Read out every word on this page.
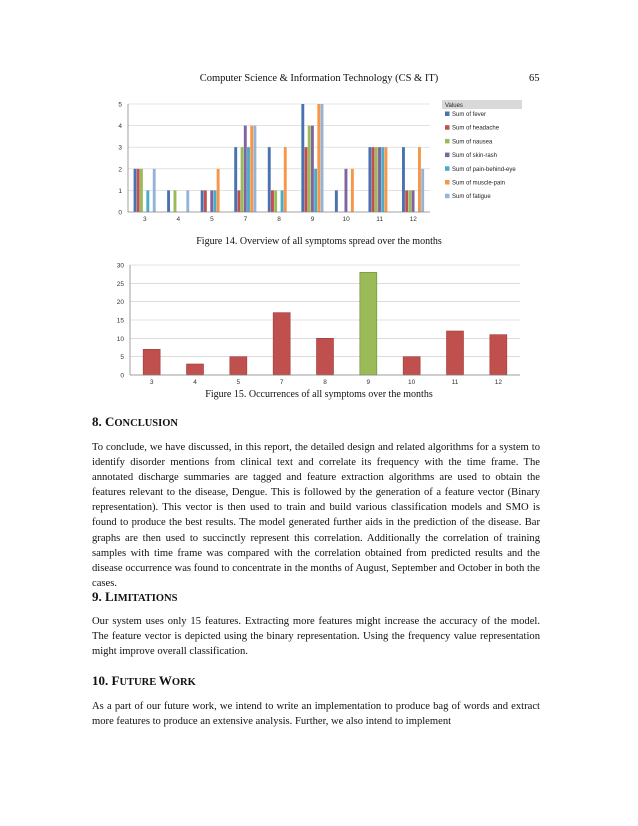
Computer Science & Information Technology (CS & IT)	65
0
1
2
3
4
5
3	4	5	7	8	9	10	11	12
Values
Sum of fever
Sum of headache
Sum of nausea
Sum of skin-rash
Sum of pain-behind-eye
Sum of muscle-pain
Sum of fatigue
Figure 14. Overview of all symptoms spread over the months
0
5
10
15
20
25
30
3	4	5	7	8	9	10	11	12
Figure 15. Occurrences of all symptoms over the months
8. CONCLUSION
To conclude, we have discussed, in this report, the detailed design and related algorithms for a system to identify disorder mentions from clinical text and correlate its frequency with the time frame. The annotated discharge summaries are tagged and feature extraction algorithms are used to obtain the features relevant to the disease, Dengue. This is followed by the generation of a feature vector (Binary representation). This vector is then used to train and build various classification models and SMO is found to produce the best results. The model generated further aids in the prediction of the disease. Bar graphs are then used to succinctly represent this correlation. Additionally the correlation of training samples with time frame was compared with the correlation obtained from predicted results and the disease occurrence was found to concentrate in the months of August, September and October in both the cases.
9. LIMITATIONS
Our system uses only 15 features. Extracting more features might increase the accuracy of the model. The feature vector is depicted using the binary representation. Using the frequency value representation might improve overall classification.
10. FUTURE WORK
As a part of our future work, we intend to write an implementation to produce bag of words and extract more features to produce an extensive analysis. Further, we also intend to implement
